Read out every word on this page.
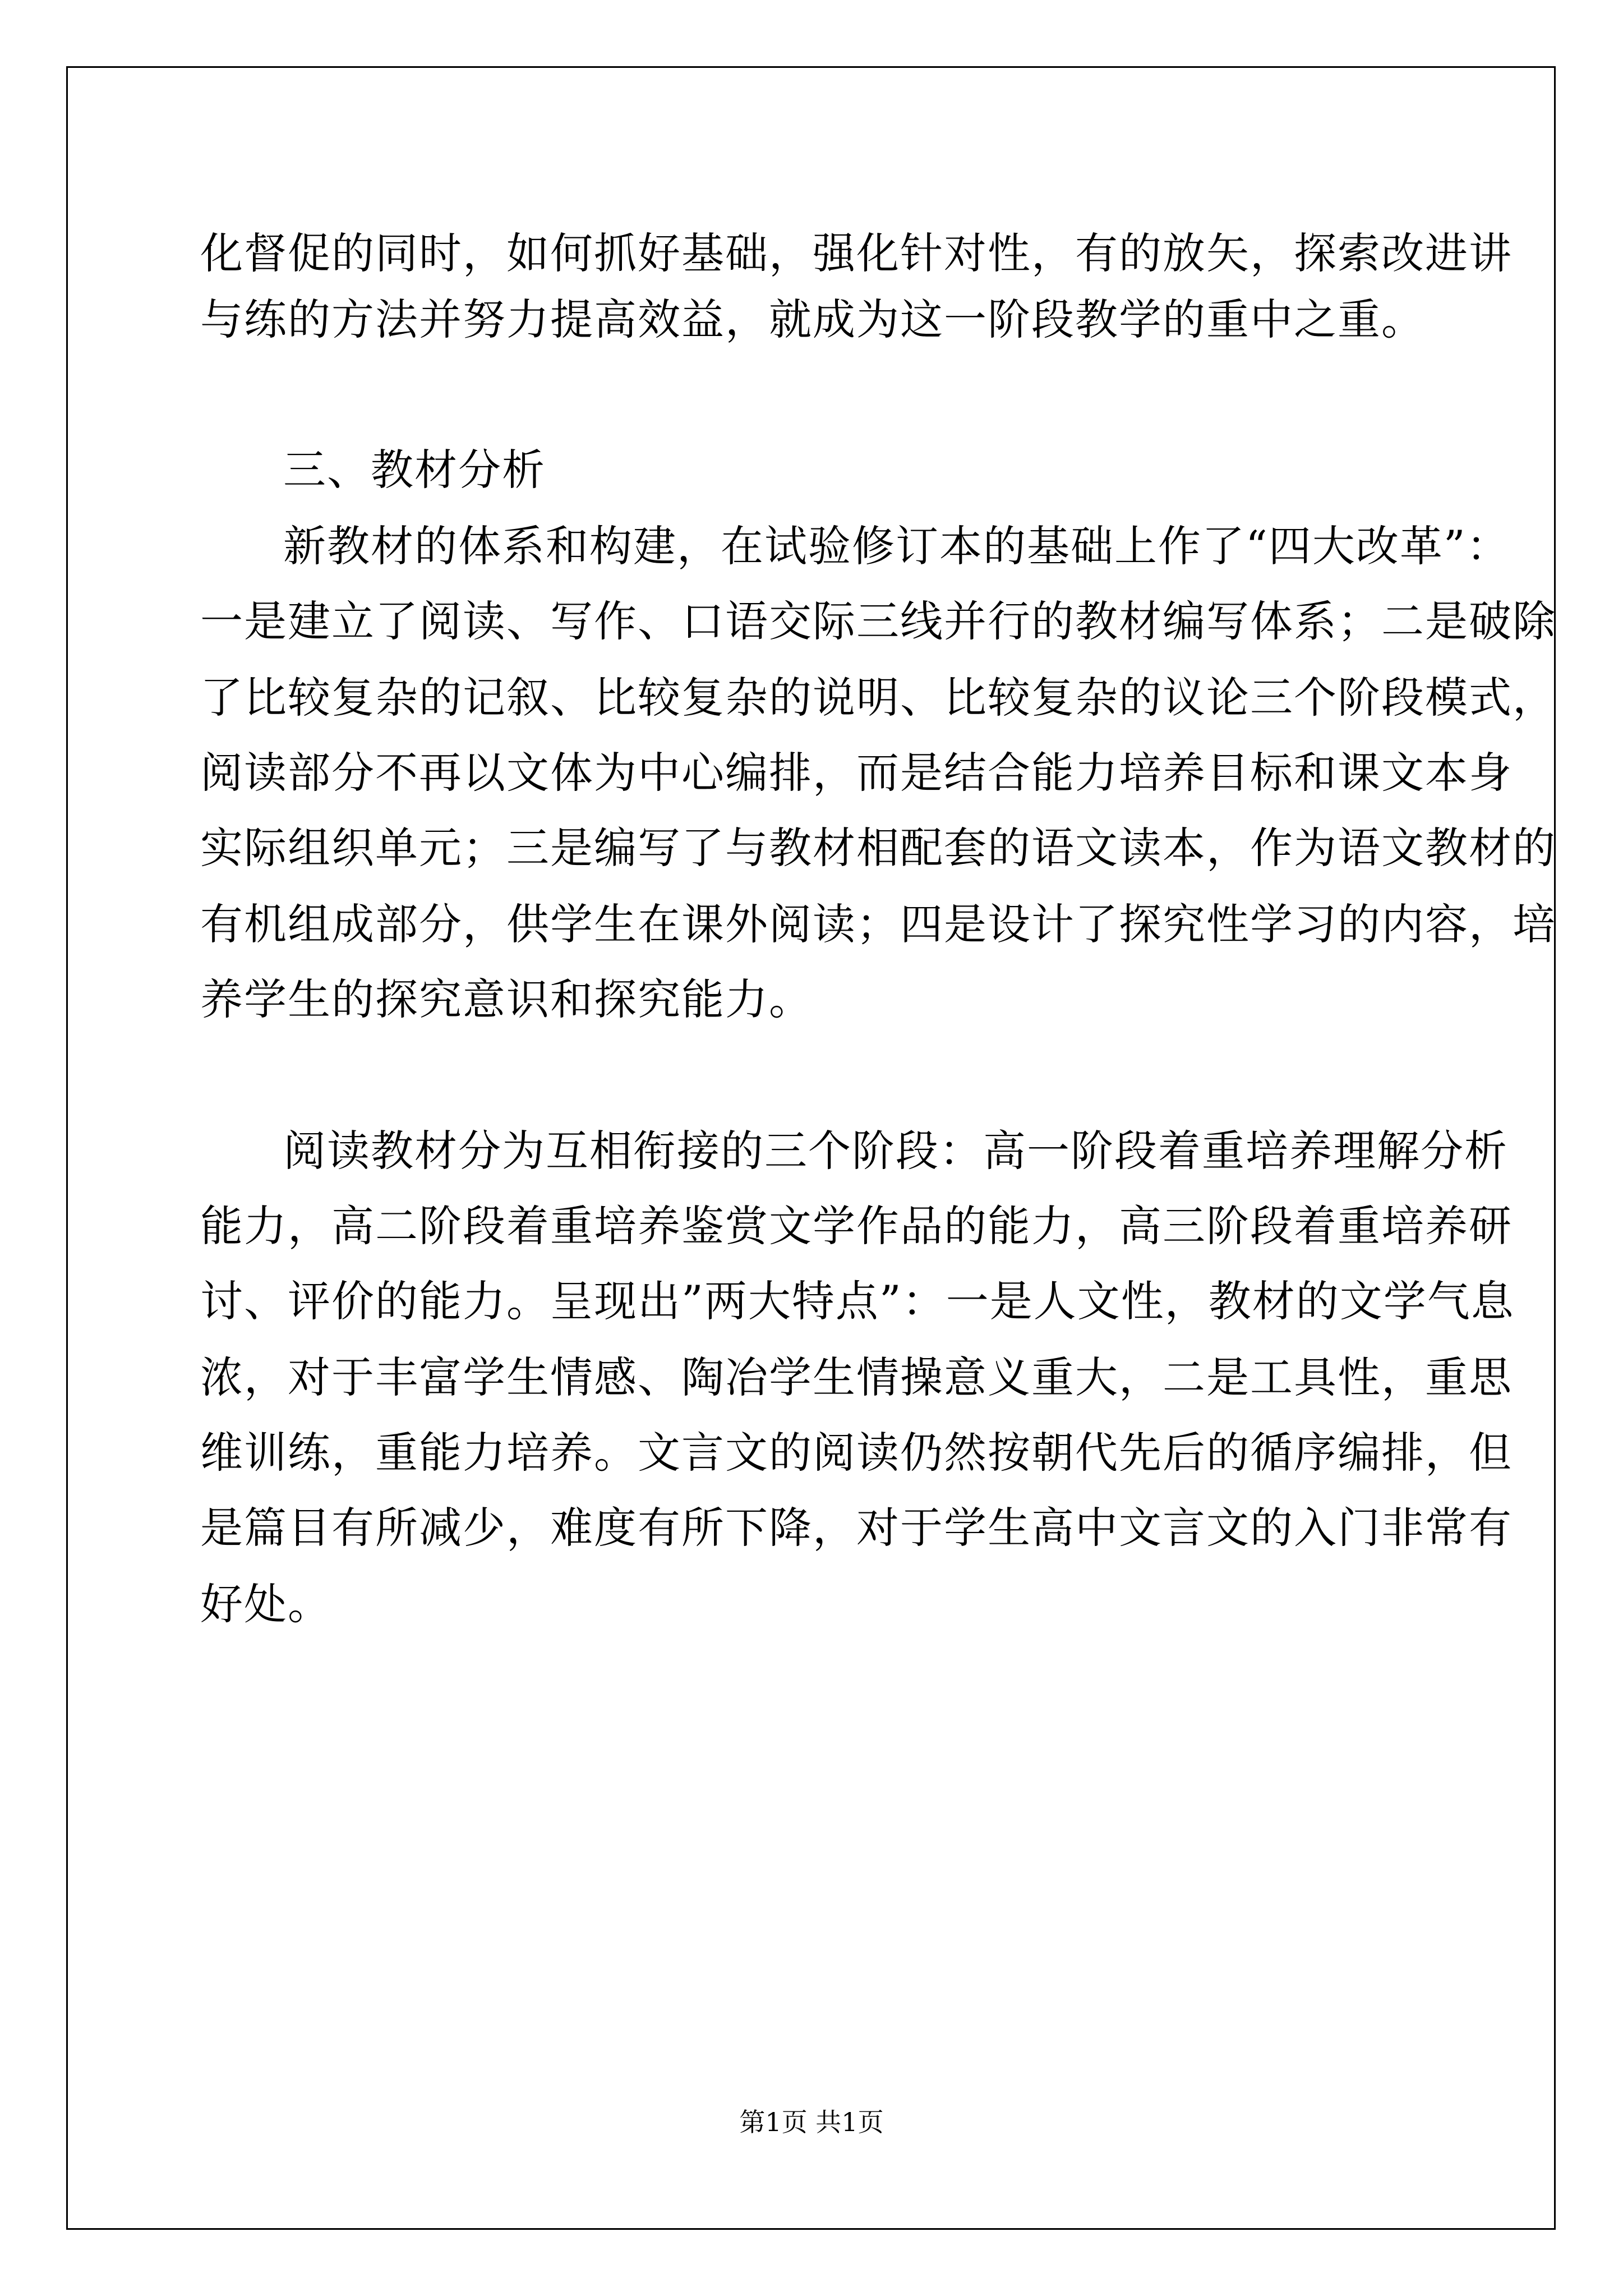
化督促的同时，如何抓好基础，强化针对性，有的放矢，探索改进讲
与练的方法并努力提高效益，就成为这一阶段教学的重中之重。
三、教材分析
新教材的体系和构建，在试验修订本的基础上作了“四大改革”：
一是建立了阅读、写作、口语交际三线并行的教材编写体系；二是破除
了比较复杂的记叙、比较复杂的说明、比较复杂的议论三个阶段模式，
阅读部分不再以文体为中心编排，而是结合能力培养目标和课文本身
实际组织单元；三是编写了与教材相配套的语文读本，作为语文教材的
有机组成部分，供学生在课外阅读；四是设计了探究性学习的内容，培
养学生的探究意识和探究能力。
阅读教材分为互相衔接的三个阶段：高一阶段着重培养理解分析
能力，高二阶段着重培养鉴赏文学作品的能力，高三阶段着重培养研
讨、评价的能力。呈现出”两大特点”：一是人文性，教材的文学气息
浓，对于丰富学生情感、陶冶学生情操意义重大，二是工具性，重思
维训练，重能力培养。文言文的阅读仍然按朝代先后的循序编排，但
是篇目有所减少，难度有所下降，对于学生高中文言文的入门非常有
好处。
第1页 共1页
